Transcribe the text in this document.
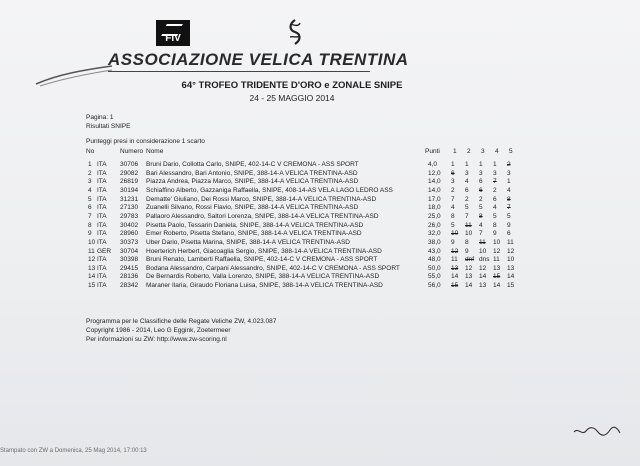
FIV
ASSOCIAZIONE VELICA TRENTINA
64° TROFEO TRIDENTE D'ORO e ZONALE SNIPE
24 - 25 MAGGIO 2014
Pagina: 1
Risultati SNIPE
Punteggi presi in considerazione 1 scarto
No	Numero Nome	Punti 1 2 3 4 5
1 ITA 30706 Bruni Dario, Collotta Carlo, SNIPE, 402-14-C V CREMONA - ASS SPORT	4,0 1 1 1 1 2
2 ITA 29082 Bari Alessandro, Bari Antonio, SNIPE, 388-14-A VELICA TRENTINA-ASD	12,0 6 3 3 3 3
3 ITA 26819 Piazza Andrea, Piazza Marco, SNIPE, 388-14-A VELICA TRENTINA-ASD	14,0 3 4 6 7 1
4 ITA 30194 Schiaffino Alberto, Gazzaniga Raffaella, SNIPE, 408-14-AS VELA LAGO LEDRO ASS	14,0 2 6 6 2 4
5 ITA 31231 Dematte' Giuliano, Dei Rossi Marco, SNIPE, 388-14-A VELICA TRENTINA-ASD	17,0 7 2 2 6 8
6 ITA 27130 Zuanelli Silvano, Rossi Flavio, SNIPE, 388-14-A VELICA TRENTINA-ASD	18,0 4 5 5 4 7
7 ITA 29783 Pallaoro Alessandro, Saltori Lorenza, SNIPE, 388-14-A VELICA TRENTINA-ASD	25,0 8 7 8 5 5
8 ITA 30402 Pisetta Paolo, Tessarin Daniela, SNIPE, 388-14-A VELICA TRENTINA-ASD	26,0 5 11 4 8 9
9 ITA 28960 Emer Roberto, Pisetta Stefano, SNIPE, 388-14-A VELICA TRENTINA-ASD	32,0 10 10 7 9 6
10 ITA 30373 Uber Dario, Pisetta Marina, SNIPE, 388-14-A VELICA TRENTINA-ASD	38,0 9 8 11 10 11
11 GER 30704 Hoerterich Herbert, Giacoaglia Sergio, SNIPE, 388-14-A VELICA TRENTINA-ASD	43,0 12 9 10 12 12
12 ITA 30398 Bruni Renato, Lamberti Raffaella, SNIPE, 402-14-C V CREMONA - ASS SPORT	48,0 11 dnf dns 11 10
13 ITA 29415 Bodana Alessandro, Carpani Alessandro, SNIPE, 402-14-C V CREMONA - ASS SPORT	50,0 13 12 12 13 13
14 ITA 28136 De Bernardis Roberto, Valla Lorenzo, SNIPE, 388-14-A VELICA TRENTINA-ASD	55,0 14 13 14 15 14
15 ITA 28342 Maraner Ilaria, Giraudo Floriana Luisa, SNIPE, 388-14-A VELICA TRENTINA-ASD	56,0 15 14 13 14 15
Programma per le Classifiche delle Regate Veliche ZW, 4.023.087
Copyright 1986 - 2014, Leo G Eggink, Zoetermeer
Per informazioni su ZW: http://www.zw-scoring.nl
Stampato con ZW a Domenica, 25 Mag 2014, 17:00:13
